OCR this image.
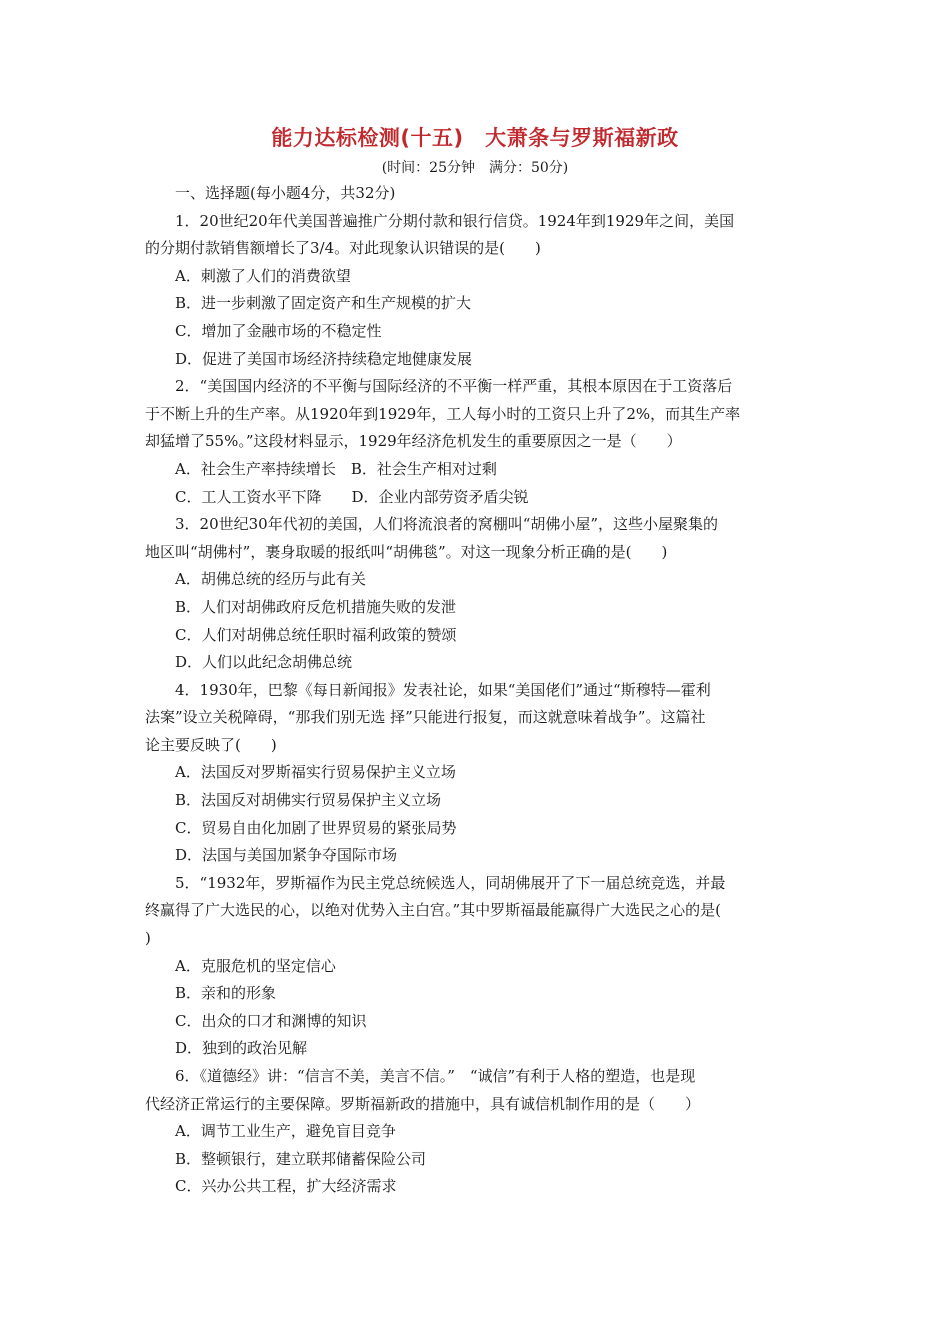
能力达标检测(十五)　大萧条与罗斯福新政
(时间：25分钟　满分：50分)
一、选择题(每小题4分，共32分)
1．20世纪20年代美国普遍推广分期付款和银行信贷。1924年到1929年之间，美国
的分期付款销售额增长了3/4。对此现象认识错误的是(　　)
A．刺激了人们的消费欲望
B．进一步刺激了固定资产和生产规模的扩大
C．增加了金融市场的不稳定性
D．促进了美国市场经济持续稳定地健康发展
2．“美国国内经济的不平衡与国际经济的不平衡一样严重，其根本原因在于工资落后
于不断上升的生产率。从1920年到1929年，工人每小时的工资只上升了2%，而其生产率
却猛增了55%。”这段材料显示，1929年经济危机发生的重要原因之一是（　　）
A．社会生产率持续增长　B．社会生产相对过剩
C．工人工资水平下降　　D．企业内部劳资矛盾尖锐
3．20世纪30年代初的美国，人们将流浪者的窝棚叫“胡佛小屋”，这些小屋聚集的
地区叫“胡佛村”，裹身取暖的报纸叫“胡佛毯”。对这一现象分析正确的是(　　)
A．胡佛总统的经历与此有关
B．人们对胡佛政府反危机措施失败的发泄
C．人们对胡佛总统任职时福利政策的赞颂
D．人们以此纪念胡佛总统
4．1930年，巴黎《每日新闻报》发表社论，如果“美国佬们”通过“斯穆特—霍利
法案”设立关税障碍，“那我们别无选 择”只能进行报复，而这就意味着战争”。这篇社
论主要反映了(　　)
A．法国反对罗斯福实行贸易保护主义立场
B．法国反对胡佛实行贸易保护主义立场
C．贸易自由化加剧了世界贸易的紧张局势
D．法国与美国加紧争夺国际市场
5．“1932年，罗斯福作为民主党总统候选人，同胡佛展开了下一届总统竞选，并最
终赢得了广大选民的心，以绝对优势入主白宫。”其中罗斯福最能赢得广大选民之心的是(
)
A．克服危机的坚定信心
B．亲和的形象
C．出众的口才和渊博的知识
D．独到的政治见解
6．《道德经》讲：“信言不美，美言不信。”　“诚信”有利于人格的塑造，也是现
代经济正常运行的主要保障。罗斯福新政的措施中，具有诚信机制作用的是（　　）
A．调节工业生产，避免盲目竞争
B．整顿银行，建立联邦储蓄保险公司
C．兴办公共工程，扩大经济需求
